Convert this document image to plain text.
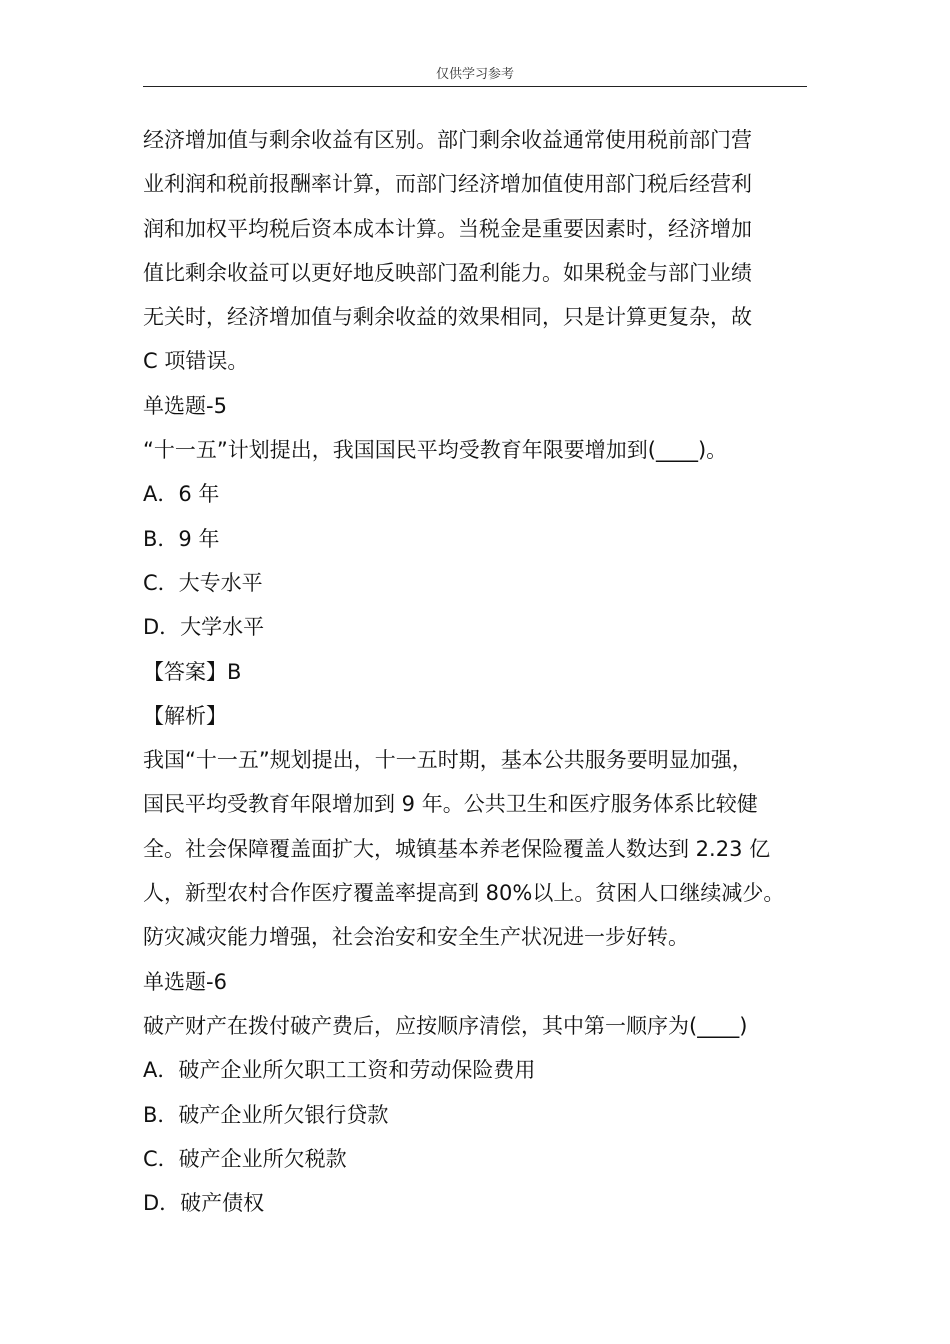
仅供学习参考

经济增加值与剩余收益有区别。部门剩余收益通常使用税前部门营

业利润和税前报酬率计算，而部门经济增加值使用部门税后经营利

润和加权平均税后资本成本计算。当税金是重要因素时，经济增加

值比剩余收益可以更好地反映部门盈利能力。如果税金与部门业绩

无关时，经济增加值与剩余收益的效果相同，只是计算更复杂，故

C 项错误。

单选题-5

“十一五”计划提出，我国国民平均受教育年限要增加到(____)。

A．6 年

B．9 年

C．大专水平

D．大学水平

【答案】B

【解析】

我国“十一五”规划提出，十一五时期，基本公共服务要明显加强，

国民平均受教育年限增加到 9 年。公共卫生和医疗服务体系比较健

全。社会保障覆盖面扩大，城镇基本养老保险覆盖人数达到 2.23 亿

人，新型农村合作医疗覆盖率提高到 80%以上。贫困人口继续减少。

防灾减灾能力增强，社会治安和安全生产状况进一步好转。

单选题-6

破产财产在拨付破产费后，应按顺序清偿，其中第一顺序为(____)

A．破产企业所欠职工工资和劳动保险费用

B．破产企业所欠银行贷款

C．破产企业所欠税款

D．破产债权
